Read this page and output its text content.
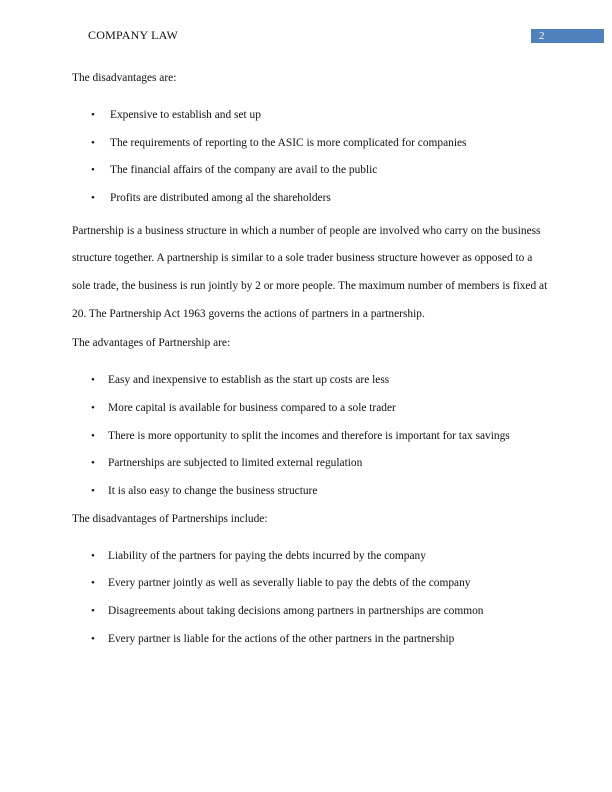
COMPANY LAW	2

The disadvantages are:

• Expensive to establish and set up
• The requirements of reporting to the ASIC is more complicated for companies
• The financial affairs of the company are avail to the public
• Profits are distributed among al the shareholders

Partnership is a business structure in which a number of people are involved who carry on the business structure together. A partnership is similar to a sole trader business structure however as opposed to a sole trade, the business is run jointly by 2 or more people. The maximum number of members is fixed at 20. The Partnership Act 1963 governs the actions of partners in a partnership.

The advantages of Partnership are:

• Easy and inexpensive to establish as the start up costs are less
• More capital is available for business compared to a sole trader
• There is more opportunity to split the incomes and therefore is important for tax savings
• Partnerships are subjected to limited external regulation
• It is also easy to change the business structure

The disadvantages of Partnerships include:

• Liability of the partners for paying the debts incurred by the company
• Every partner jointly as well as severally liable to pay the debts of the company
• Disagreements about taking decisions among partners in partnerships are common
• Every partner is liable for the actions of the other partners in the partnership
